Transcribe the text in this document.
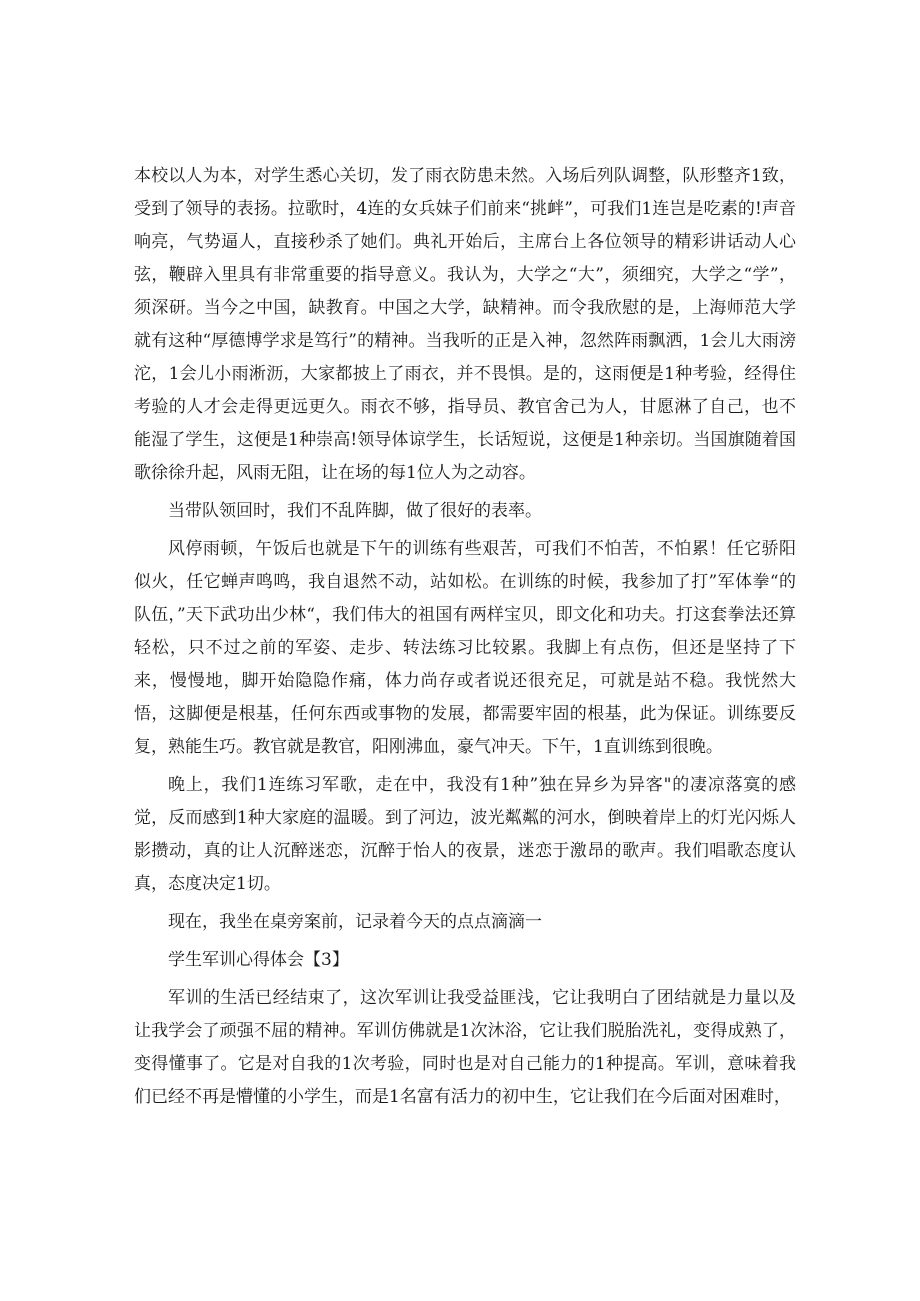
本校以人为本，对学生悉心关切，发了雨衣防患未然。入场后列队调整，队形整齐1致，受到了领导的表扬。拉歌时，4连的女兵妹子们前来“挑衅”，可我们1连岂是吃素的!声音响亮，气势逼人，直接秒杀了她们。典礼开始后，主席台上各位领导的精彩讲话动人心弦，鞭辟入里具有非常重要的指导意义。我认为，大学之“大”，须细究，大学之“学”，须深研。当今之中国，缺教育。中国之大学，缺精神。而令我欣慰的是，上海师范大学就有这种“厚德博学求是笃行”的精神。当我听的正是入神，忽然阵雨飘洒，1会儿大雨滂沱，1会儿小雨淅沥，大家都披上了雨衣，并不畏惧。是的，这雨便是1种考验，经得住考验的人才会走得更远更久。雨衣不够，指导员、教官舍己为人，甘愿淋了自己，也不能湿了学生，这便是1种崇高!领导体谅学生，长话短说，这便是1种亲切。当国旗随着国歌徐徐升起，风雨无阻，让在场的每1位人为之动容。

当带队领回时，我们不乱阵脚，做了很好的表率。

风停雨顿，午饭后也就是下午的训练有些艰苦，可我们不怕苦，不怕累！任它骄阳似火，任它蝉声鸣鸣，我自退然不动，站如松。在训练的时候，我参加了打”军体拳“的队伍，”天下武功出少林“，我们伟大的祖国有两样宝贝，即文化和功夫。打这套拳法还算轻松，只不过之前的军姿、走步、转法练习比较累。我脚上有点伤，但还是坚持了下来，慢慢地，脚开始隐隐作痛，体力尚存或者说还很充足，可就是站不稳。我恍然大悟，这脚便是根基，任何东西或事物的发展，都需要牢固的根基，此为保证。训练要反复，熟能生巧。教官就是教官，阳刚沸血，豪气冲天。下午，1直训练到很晚。

晚上，我们1连练习军歌，走在中，我没有1种”独在异乡为异客"的凄凉落寞的感觉，反而感到1种大家庭的温暖。到了河边，波光粼粼的河水，倒映着岸上的灯光闪烁人影攒动，真的让人沉醉迷恋，沉醉于怡人的夜景，迷恋于激昂的歌声。我们唱歌态度认真，态度决定1切。

现在，我坐在桌旁案前，记录着今天的点点滴滴一

学生军训心得体会【3】

军训的生活已经结束了，这次军训让我受益匪浅，它让我明白了团结就是力量以及让我学会了顽强不屈的精神。军训仿佛就是1次沐浴，它让我们脱胎洗礼，变得成熟了，变得懂事了。它是对自我的1次考验，同时也是对自己能力的1种提高。军训，意味着我们已经不再是懵懂的小学生，而是1名富有活力的初中生，它让我们在今后面对困难时，
